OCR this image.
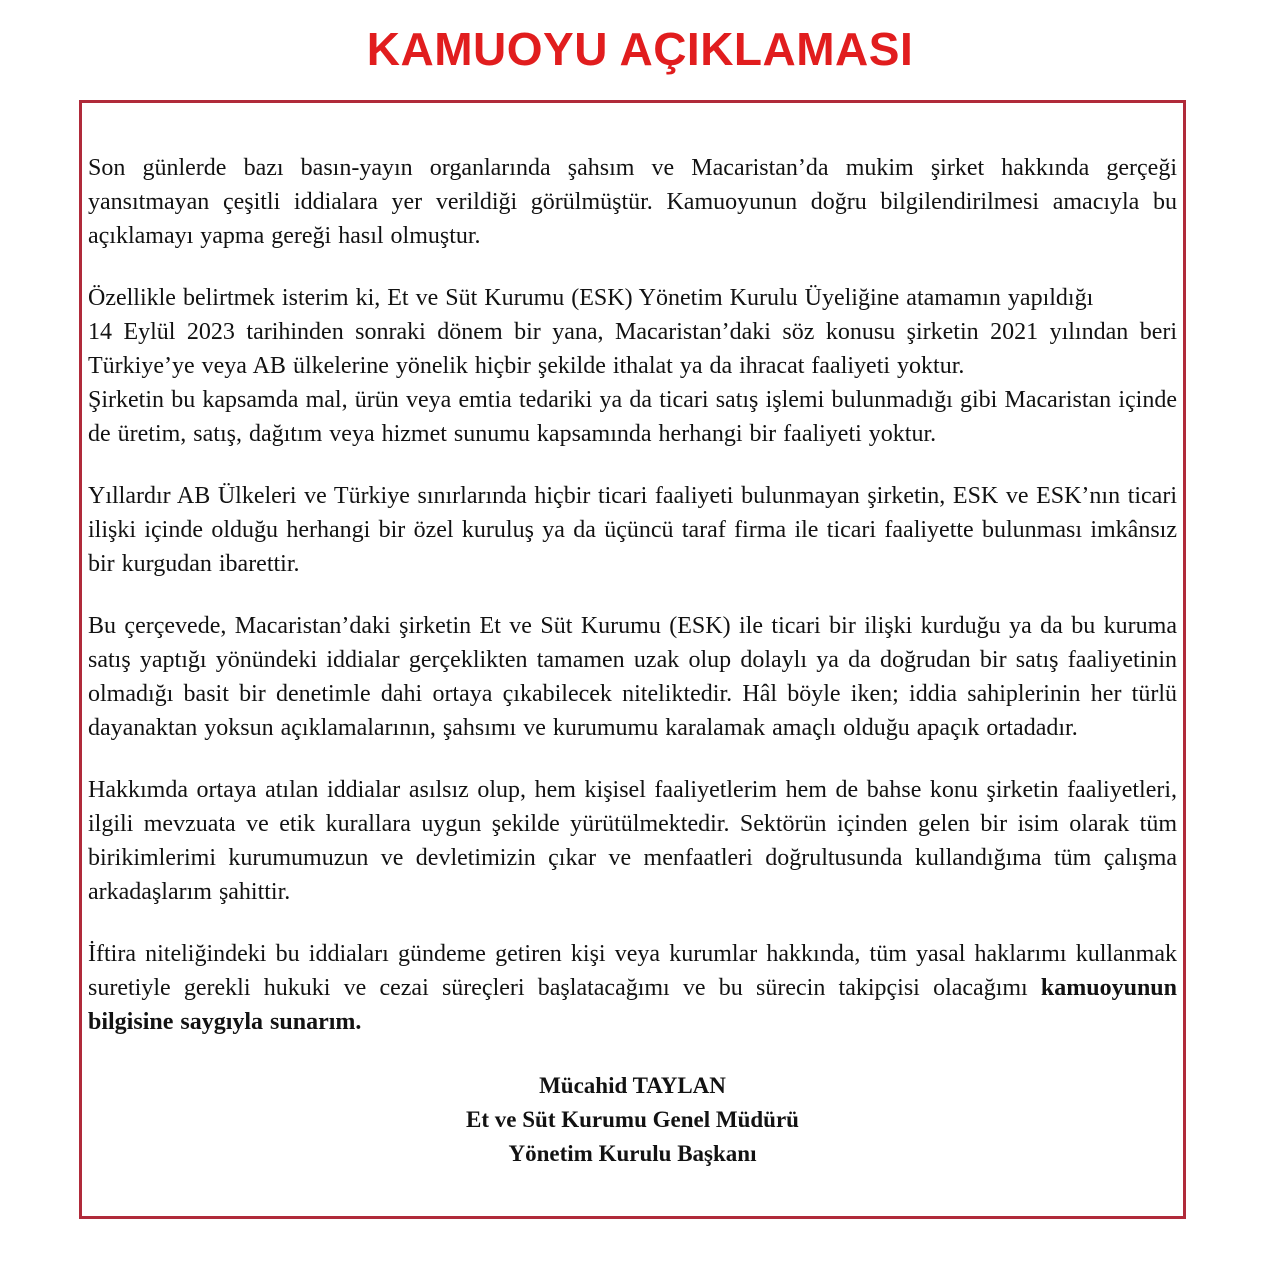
KAMUOYU AÇIKLAMASI

Son günlerde bazı basın-yayın organlarında şahsım ve Macaristan’da mukim şirket hakkında gerçeği yansıtmayan çeşitli iddialara yer verildiği görülmüştür. Kamuoyunun doğru bilgilendirilmesi amacıyla bu açıklamayı yapma gereği hasıl olmuştur.

Özellikle belirtmek isterim ki, Et ve Süt Kurumu (ESK) Yönetim Kurulu Üyeliğine atamamın yapıldığı

14 Eylül 2023 tarihinden sonraki dönem bir yana, Macaristan’daki söz konusu şirketin 2021 yılından beri Türkiye’ye veya AB ülkelerine yönelik hiçbir şekilde ithalat ya da ihracat faaliyeti yoktur.

Şirketin bu kapsamda mal, ürün veya emtia tedariki ya da ticari satış işlemi bulunmadığı gibi Macaristan içinde de üretim, satış, dağıtım veya hizmet sunumu kapsamında herhangi bir faaliyeti yoktur.

Yıllardır AB Ülkeleri ve Türkiye sınırlarında hiçbir ticari faaliyeti bulunmayan şirketin, ESK ve ESK’nın ticari ilişki içinde olduğu herhangi bir özel kuruluş ya da üçüncü taraf firma ile ticari faaliyette bulunması imkânsız bir kurgudan ibarettir.

Bu çerçevede, Macaristan’daki şirketin Et ve Süt Kurumu (ESK) ile ticari bir ilişki kurduğu ya da bu kuruma satış yaptığı yönündeki iddialar gerçeklikten tamamen uzak olup dolaylı ya da doğrudan bir satış faaliyetinin olmadığı basit bir denetimle dahi ortaya çıkabilecek niteliktedir. Hâl böyle iken; iddia sahiplerinin her türlü dayanaktan yoksun açıklamalarının, şahsımı ve kurumumu karalamak amaçlı olduğu apaçık ortadadır.

Hakkımda ortaya atılan iddialar asılsız olup, hem kişisel faaliyetlerim hem de bahse konu şirketin faaliyetleri, ilgili mevzuata ve etik kurallara uygun şekilde yürütülmektedir. Sektörün içinden gelen bir isim olarak tüm birikimlerimi kurumumuzun ve devletimizin çıkar ve menfaatleri doğrultusunda kullandığıma tüm çalışma arkadaşlarım şahittir.

İftira niteliğindeki bu iddiaları gündeme getiren kişi veya kurumlar hakkında, tüm yasal haklarımı kullanmak suretiyle gerekli hukuki ve cezai süreçleri başlatacağımı ve bu sürecin takipçisi olacağımı kamuoyunun bilgisine saygıyla sunarım.

Mücahid TAYLAN
Et ve Süt Kurumu Genel Müdürü
Yönetim Kurulu Başkanı
